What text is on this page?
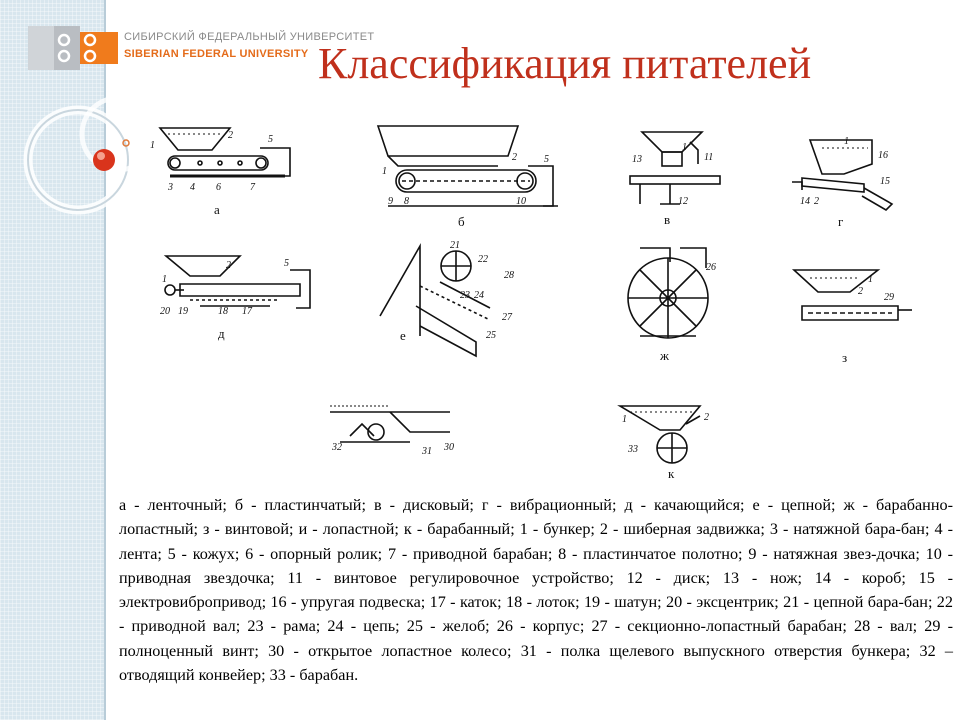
СИБИРСКИЙ ФЕДЕРАЛЬНЫЙ УНИВЕРСИТЕТ
SIBERIAN FEDERAL UNIVERSITY Классификация питателей
1
2	5
3 4 6	7
а
1
2	5
9 8	10
б
1
11
13
12
в
1
16
15
14 2
г
1
2	5
20 19	18 17
д
21
22
28
24
23
27
25
е
26
ж
1
2
29
з
32	31 30
1	2
33
к
а - ленточный; б - пластинчатый; в - дисковый; г - вибрационный; д - качающийся; е - цепной; ж - барабанно-лопастный; з - винтовой; и - лопастной; к - барабанный; 1 - бункер; 2 - шиберная задвижка; 3 - натяжной бара-бан; 4 - лента; 5 - кожух; 6 - опорный ролик; 7 - приводной барабан; 8 - пластинчатое полотно; 9 - натяжная звез-дочка; 10 - приводная звездочка; 11 - винтовое регулировочное устройство; 12 - диск; 13 - нож; 14 - короб; 15 - электровибропривод; 16 - упругая подвеска; 17 - каток; 18 - лоток; 19 - шатун; 20 - эксцентрик; 21 - цепной бара-бан; 22 - приводной вал; 23 - рама; 24 - цепь; 25 - желоб; 26 - корпус; 27 - секционно-лопастный барабан; 28 - вал; 29 - полноценный винт; 30 - открытое лопастное колесо; 31 - полка щелевого выпускного отверстия бункера; 32 – отводящий конвейер; 33 - барабан.
